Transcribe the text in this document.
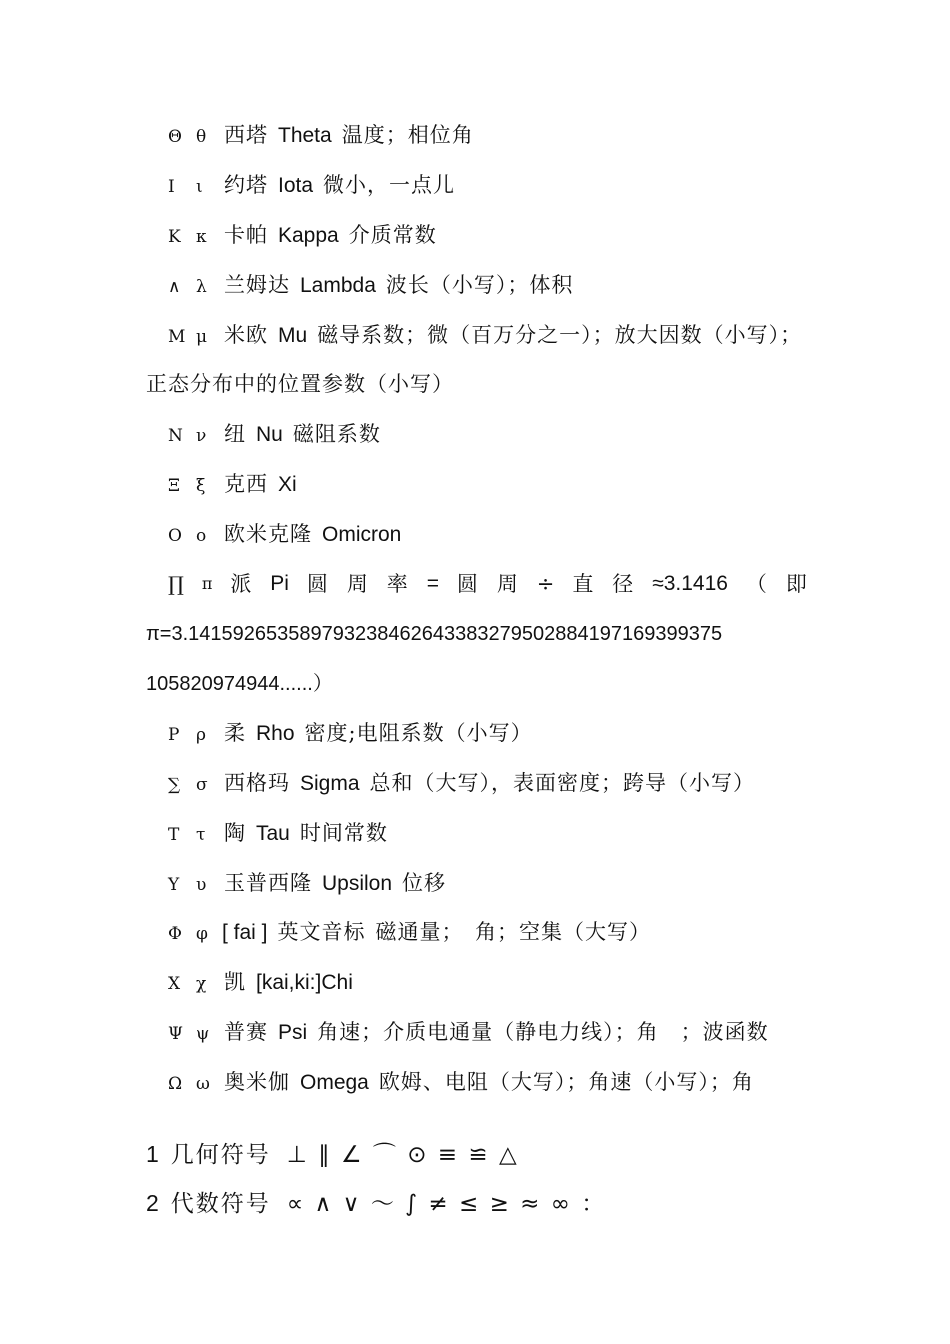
Θ θ 西塔 Theta 温度；相位角
Ι ι 约塔 Iota 微小，一点儿
Κ κ 卡帕 Kappa 介质常数
∧ λ 兰姆达 Lambda 波长（小写）；体积
Μ μ 米欧 Mu 磁导系数；微（百万分之一）；放大因数（小写）；
正态分布中的位置参数（小写）
Ν ν 纽 Nu 磁阻系数
Ξ ξ 克西 Xi
Ο ο 欧米克隆 Omicron
∏ π 派 Pi 圆 周 率 = 圆 周 ÷ 直 径 ≈3.1416 （ 即
π=3.14159265358979323846264338327950288419716939937​5
105820974944......）
Ρ ρ 柔 Rho 密度;电阻系数（小写）
∑ σ 西格玛 Sigma 总和（大写），表面密度；跨导（小写）
Τ τ 陶 Tau 时间常数
Υ υ 玉普西隆 Upsilon 位移
Φ φ [ fai ] 英文音标 磁通量；　角；空集（大写）
Χ χ 凯 [kai,ki:]Chi
Ψ ψ 普赛 Psi 角速；介质电通量（静电力线）；角　；波函数
Ω ω 奥米伽 Omega 欧姆、电阻（大写）；角速（小写）；角
1 几何符号 ⊥ ∥ ∠ ⌒ ⊙ ≡ ≌ △
2 代数符号 ∝ ∧ ∨ ～ ∫ ≠ ≤ ≥ ≈ ∞ ：
